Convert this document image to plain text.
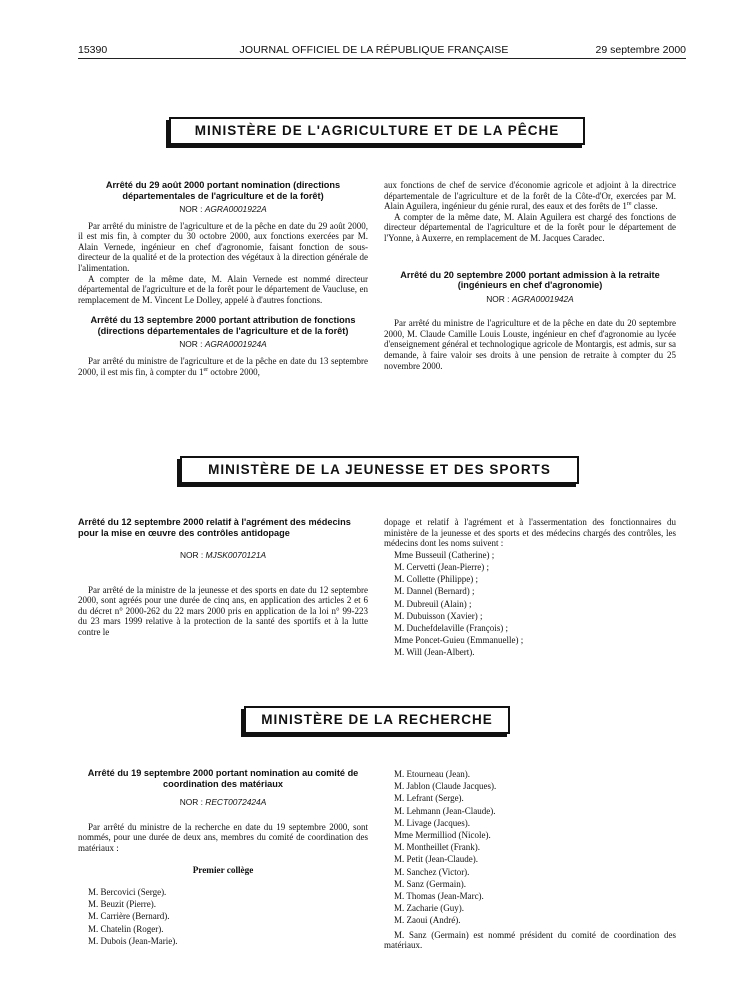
15390	JOURNAL OFFICIEL DE LA RÉPUBLIQUE FRANÇAISE	29 septembre 2000
MINISTÈRE DE L'AGRICULTURE ET DE LA PÊCHE
Arrêté du 29 août 2000 portant nomination (directions départementales de l'agriculture et de la forêt)
NOR : AGRA0001922A

Par arrêté du ministre de l'agriculture et de la pêche en date du 29 août 2000, il est mis fin, à compter du 30 octobre 2000, aux fonctions exercées par M. Alain Vernede, ingénieur en chef d'agronomie, faisant fonction de sous-directeur de la qualité et de la protection des végétaux à la direction générale de l'alimentation.

A compter de la même date, M. Alain Vernede est nommé directeur départemental de l'agriculture et de la forêt pour le département de Vaucluse, en remplacement de M. Vincent Le Dolley, appelé à d'autres fonctions.

Arrêté du 13 septembre 2000 portant attribution de fonctions (directions départementales de l'agriculture et de la forêt)
NOR : AGRA0001924A

Par arrêté du ministre de l'agriculture et de la pêche en date du 13 septembre 2000, il est mis fin, à compter du 1er octobre 2000,

aux fonctions de chef de service d'économie agricole et adjoint à la directrice départementale de l'agriculture et de la forêt de la Côte-d'Or, exercées par M. Alain Aguilera, ingénieur du génie rural, des eaux et des forêts de 1re classe.

A compter de la même date, M. Alain Aguilera est chargé des fonctions de directeur départemental de l'agriculture et de la forêt pour le département de l'Yonne, à Auxerre, en remplacement de M. Jacques Caradec.

Arrêté du 20 septembre 2000 portant admission à la retraite (ingénieurs en chef d'agronomie)
NOR : AGRA0001942A

Par arrêté du ministre de l'agriculture et de la pêche en date du 20 septembre 2000, M. Claude Camille Louis Louste, ingénieur en chef d'agronomie au lycée d'enseignement général et technologique agricole de Montargis, est admis, sur sa demande, à faire valoir ses droits à une pension de retraite à compter du 25 novembre 2000.

MINISTÈRE DE LA JEUNESSE ET DES SPORTS
Arrêté du 12 septembre 2000 relatif à l'agrément des médecins pour la mise en œuvre des contrôles antidopage
NOR : MJSK0070121A

Par arrêté de la ministre de la jeunesse et des sports en date du 12 septembre 2000, sont agréés pour une durée de cinq ans, en application des articles 2 et 6 du décret n° 2000-262 du 22 mars 2000 pris en application de la loi n° 99-223 du 23 mars 1999 relative à la protection de la santé des sportifs et à la lutte contre le

dopage et relatif à l'agrément et à l'assermentation des fonctionnaires du ministère de la jeunesse et des sports et des médecins chargés des contrôles, les médecins dont les noms suivent :

Mme Busseuil (Catherine) ;
M. Cervetti (Jean-Pierre) ;
M. Collette (Philippe) ;
M. Dannel (Bernard) ;
M. Dubreuil (Alain) ;
M. Dubuisson (Xavier) ;
M. Duchefdelaville (François) ;
Mme Poncet-Guieu (Emmanuelle) ;
M. Will (Jean-Albert).
MINISTÈRE DE LA RECHERCHE
Arrêté du 19 septembre 2000 portant nomination au comité de coordination des matériaux
NOR : RECT0072424A

Par arrêté du ministre de la recherche en date du 19 septembre 2000, sont nommés, pour une durée de deux ans, membres du comité de coordination des matériaux :

Premier collège
M. Bercovici (Serge).
M. Beuzit (Pierre).
M. Carrière (Bernard).
M. Chatelin (Roger).
M. Dubois (Jean-Marie).
M. Etourneau (Jean).
M. Jablon (Claude Jacques).
M. Lefrant (Serge).
M. Lehmann (Jean-Claude).
M. Livage (Jacques).
Mme Mermilliod (Nicole).
M. Montheillet (Frank).
M. Petit (Jean-Claude).
M. Sanchez (Victor).
M. Sanz (Germain).
M. Thomas (Jean-Marc).
M. Zacharie (Guy).
M. Zaoui (André).

M. Sanz (Germain) est nommé président du comité de coordination des matériaux.
